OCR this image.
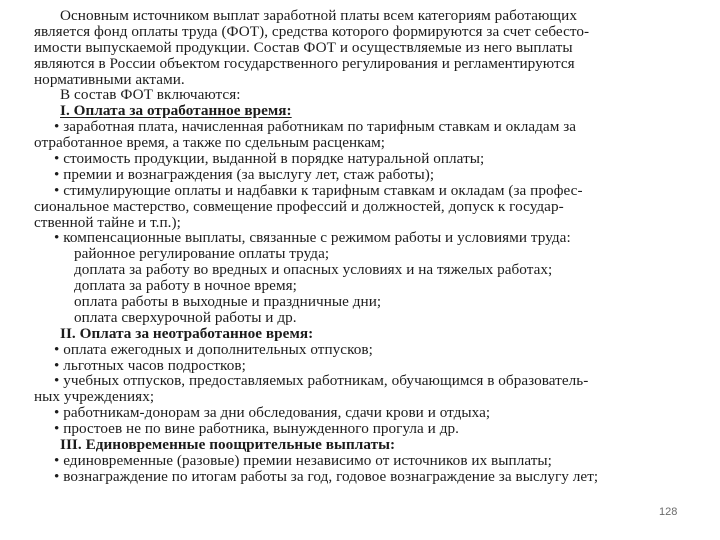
Основным источником выплат заработной платы всем категориям работающих
является фонд оплаты труда (ФОТ), средства которого формируются за счет себесто-
имости выпускаемой продукции. Состав ФОТ и осуществляемые из него выплаты
являются в России объектом государственного регулирования и регламентируются
нормативными актами.
В состав ФОТ включаются:
I. Оплата за отработанное время:
• заработная плата, начисленная работникам по тарифным ставкам и окладам за
отработанное время, а также по сдельным расценкам;
• стоимость продукции, выданной в порядке натуральной оплаты;
• премии и вознаграждения (за выслугу лет, стаж работы);
• стимулирующие оплаты и надбавки к тарифным ставкам и окладам (за профес-
сиональное мастерство, совмещение профессий и должностей, допуск к государ-
ственной тайне и т.п.);
• компенсационные выплаты, связанные с режимом работы и условиями труда:
районное регулирование оплаты труда;
доплата за работу во вредных и опасных условиях и на тяжелых работах;
доплата за работу в ночное время;
оплата работы в выходные и праздничные дни;
оплата сверхурочной работы и др.
II. Оплата за неотработанное время:
• оплата ежегодных и дополнительных отпусков;
• льготных часов подростков;
• учебных отпусков, предоставляемых работникам, обучающимся в образователь-
ных учреждениях;
• работникам-донорам за дни обследования, сдачи крови и отдыха;
• простоев не по вине работника, вынужденного прогула и др.
III. Единовременные поощрительные выплаты:
• единовременные (разовые) премии независимо от источников их выплаты;
• вознаграждение по итогам работы за год, годовое вознаграждение за выслугу лет;
128
